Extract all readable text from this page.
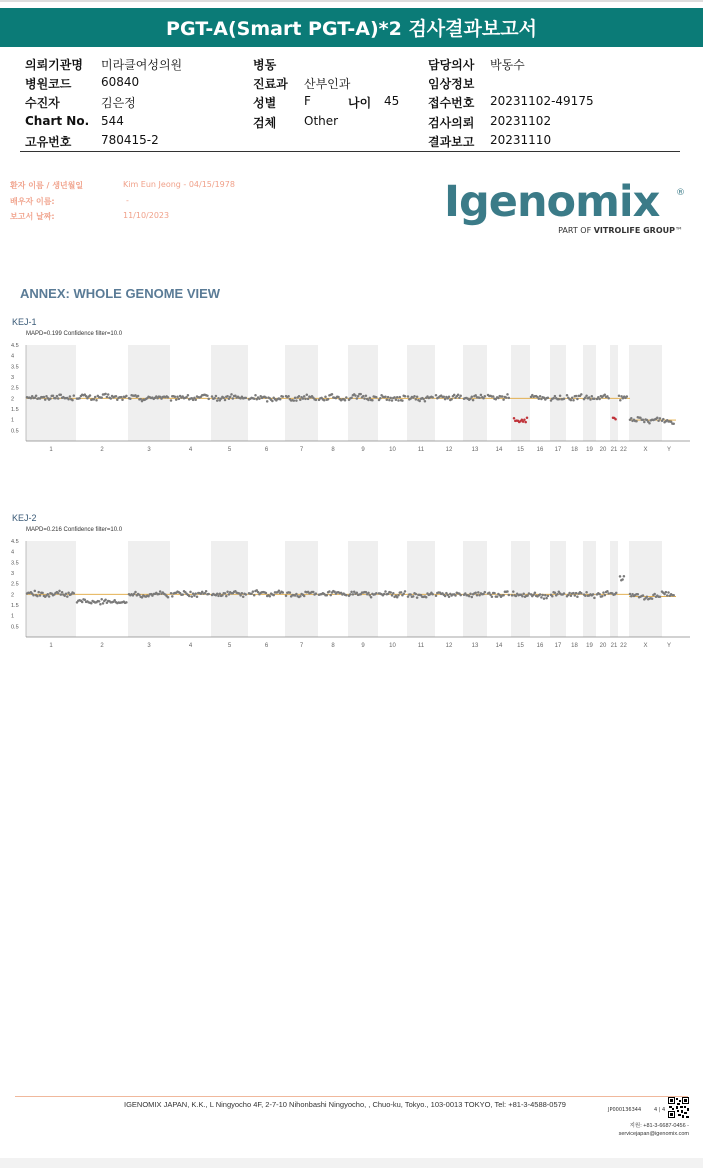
PGT-A(Smart PGT-A)*2 검사결과보고서
의뢰기관명 미라클여성의원
병원코드 60840
수진자	김은정
Chart No. 544
고유번호 780415-2
병동
진료과 산부인과
성별 F	나이 45
검체 Other
담당의사 박동수
임상정보
접수번호 20231102-49175
검사의뢰 20231102
결과보고 20231110
환자 이름 / 생년월일	Kim Eun Jeong - 04/15/1978
배우자 이름:	-
보고서 날짜:	11/10/2023	Igenomix	®
PART OF VITROLIFE GROUP™
ANNEX: WHOLE GENOME VIEW
KEJ-1
MAPD=0.199 Confidence filter=10.0
4.5
4
3.5
3
2.5
2
1.5
1
0.5
1	2	3	4	5	6	7	8	9	10	11	12	13	14 15 16 17 18 19 20 21 22	X	Y
KEJ-2
MAPD=0.216 Confidence filter=10.0
4.5
4
3.5
3
2.5
2
1.5
1
0.5
1	2	3	4	5	6	7	8	9	10	11	12	13	14 15 16 17 18 19 20 21 22	X	Y
IGENOMIX JAPAN, K.K., L Ningyocho 4F, 2-7-10 Nihonbashi Ningyocho, , Chuo-ku, Tokyo., 103-0013 TOKYO, Tel: +81-3-4588-0579
JP000136344	4 | 4
지원: +81-3-6687-0456 -
servicejapan@igenomix.com
